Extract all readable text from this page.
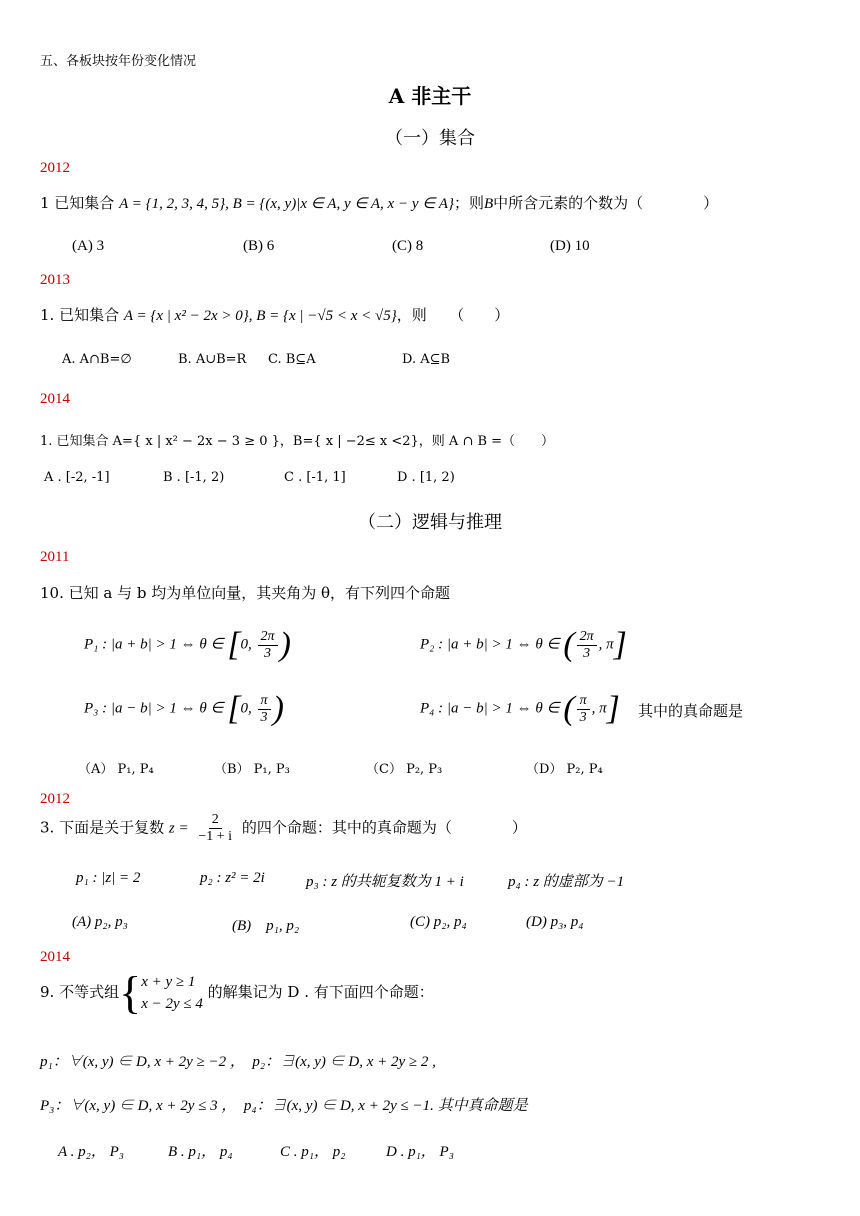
五、各板块按年份变化情况
A 非主干
（一）集合
2012
1 已知集合 A = {1, 2, 3, 4, 5}, B = {(x, y)|x ∈ A, y ∈ A, x − y ∈ A}；则B中所含元素的个数为（　　　　）
(A) 3	(B) 6	(C) 8	(D) 10
2013
1. 已知集合 A = {x | x² − 2x > 0}, B = {x | −√5 < x < √5}，则　　（　　）
A. A∩B=∅	B. A∪B=R C. B⊆A	D. A⊆B
2014
1. 已知集合 A={ x | x² − 2x − 3 ≥ 0 }，B={ x | −2≤ x <2}，则 A ∩ B =（　　）
A . [-2, -1]	B . [-1, 2)	C . [-1, 1]	D . [1, 2)
（二）逻辑与推理
2011
10. 已知 a 与 b 均为单位向量，其夹角为 θ，有下列四个命题
P₁ : |a + b| > 1 ⇔ θ ∈ [0, $\frac{2\pi}{3}$ )	P₂ : |a + b| > 1 ⇔ θ ∈ ( $\frac{2\pi}{3}$ , π]
P₃ : |a − b| > 1 ⇔ θ ∈ [0, $\frac{\pi}{3}$ )	P₄ : |a − b| > 1 ⇔ θ ∈ ( $\frac{\pi}{3}$ , π] 其中的真命题是
（A） P₁, P₄	（B） P₁, P₃	（C） P₂, P₃	（D） P₂, P₄
2012
3. 下面是关于复数 $z = \frac{2}{-1 + i}$ 的四个命题：其中的真命题为（　　　　）
p₁ : |z| = 2	p₂ : z² = 2i	p₃ : z 的共轭复数为 1 + i	p₄ : z 的虚部为 −1
(A) p₂, p₃	(B)　p₁, p₂	(C) p₂, p₄	(D) p₃, p₄
2014
9. 不等式组{ x + y ≥ 1
x − 2y ≤ 4
的解集记为 D . 有下面四个命题：
p₁：∀(x, y) ∈ D, x + 2y ≥ −2 ，　p₂：∃(x, y) ∈ D, x + 2y ≥ 2 ,
P₃：∀(x, y) ∈ D, x + 2y ≤ 3 ，　p₄：∃(x, y) ∈ D, x + 2y ≤ −1. 其中真命题是
A . p₂， P₃	B . p₁， p₄	C . p₁， p₂	D . p₁， P₃
